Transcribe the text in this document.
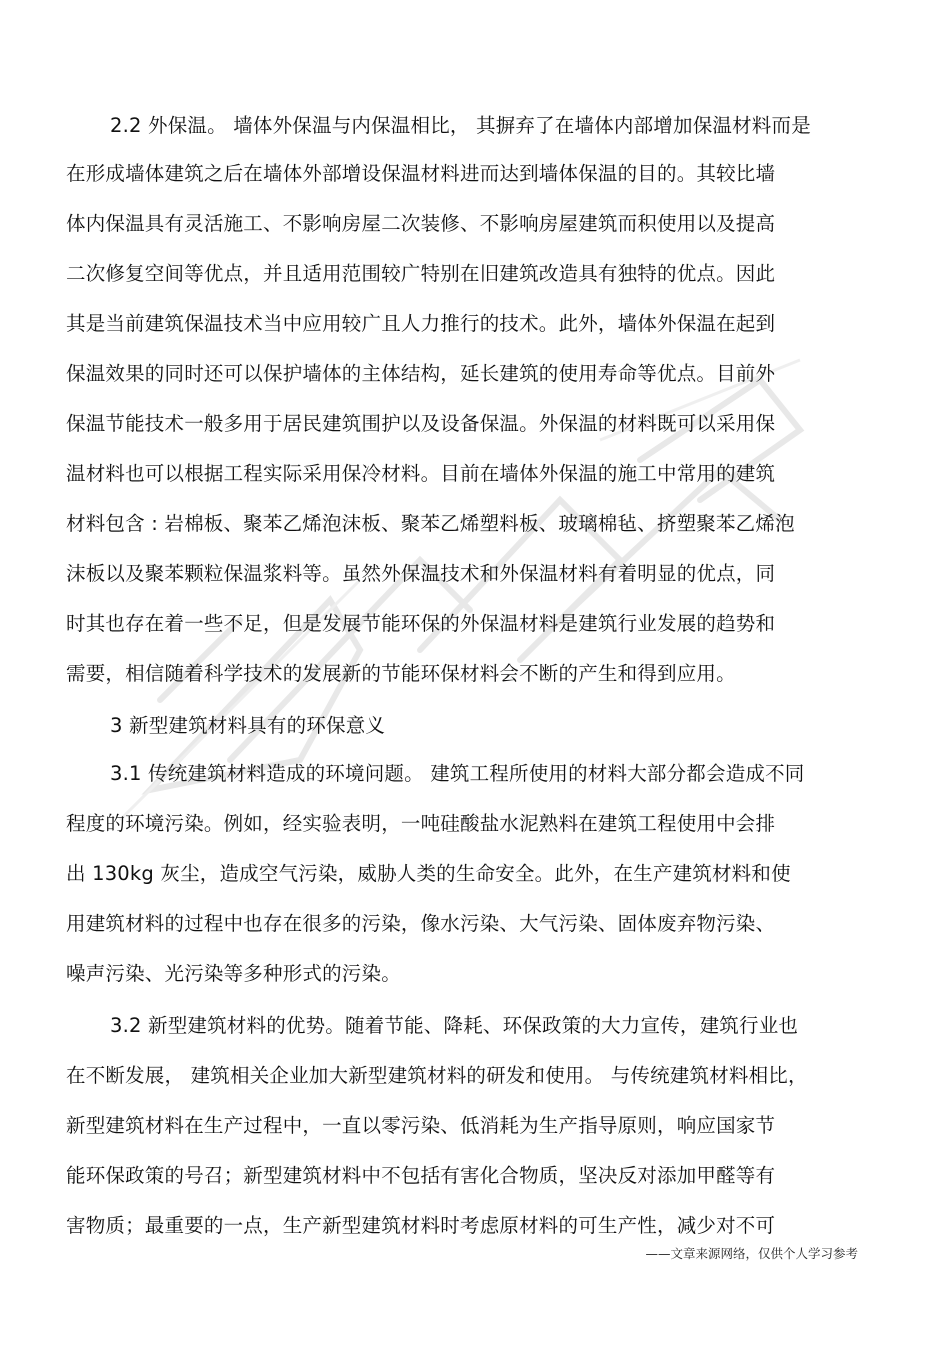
2.2 外保温。 墙体外保温与内保温相比， 其摒弃了在墙体内部增加保温材料而是
在形成墙体建筑之后在墙体外部增设保温材料进而达到墙体保温的目的。其较比墙
体内保温具有灵活施工、不影响房屋二次装修、不影响房屋建筑而积使用以及提高
二次修复空间等优点，并且适用范围较广特别在旧建筑改造具有独特的优点。因此
其是当前建筑保温技术当中应用较广且人力推行的技术。此外，墙体外保温在起到
保温效果的同时还可以保护墙体的主体结构，延长建筑的使用寿命等优点。目前外
保温节能技术一般多用于居民建筑围护以及设备保温。外保温的材料既可以采用保
温材料也可以根据工程实际采用保冷材料。目前在墙体外保温的施工中常用的建筑
材料包含 : 岩棉板、聚苯乙烯泡沫板、聚苯乙烯塑料板、玻璃棉毡、挤塑聚苯乙烯泡
沫板以及聚苯颗粒保温浆料等。虽然外保温技术和外保温材料有着明显的优点，同
时其也存在着一些不足，但是发展节能环保的外保温材料是建筑行业发展的趋势和
需要，相信随着科学技术的发展新的节能环保材料会不断的产生和得到应用。
3 新型建筑材料具有的环保意义
3.1 传统建筑材料造成的环境问题。 建筑工程所使用的材料大部分都会造成不同
程度的环境污染。例如，经实验表明，一吨硅酸盐水泥熟料在建筑工程使用中会排
出 130kg 灰尘，造成空气污染，威胁人类的生命安全。此外，在生产建筑材料和使
用建筑材料的过程中也存在很多的污染，像水污染、大气污染、固体废弃物污染、
噪声污染、光污染等多种形式的污染。
3.2 新型建筑材料的优势。随着节能、降耗、环保政策的大力宣传，建筑行业也
在不断发展， 建筑相关企业加大新型建筑材料的研发和使用。 与传统建筑材料相比，
新型建筑材料在生产过程中，一直以零污染、低消耗为生产指导原则，响应国家节
能环保政策的号召；新型建筑材料中不包括有害化合物质，坚决反对添加甲醛等有
害物质；最重要的一点，生产新型建筑材料时考虑原材料的可生产性，减少对不可
——文章来源网络，仅供个人学习参考
